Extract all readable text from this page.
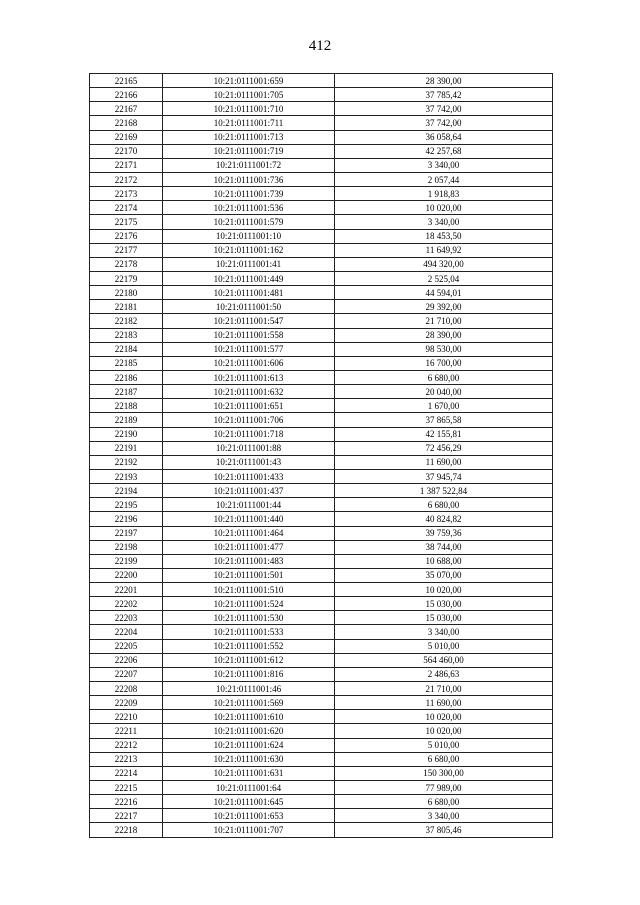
412
22165	10:21:0111001:659	28 390,00
22166	10:21:0111001:705	37 785,42
22167	10:21:0111001:710	37 742,00
22168	10:21:0111001:711	37 742,00
22169	10:21:0111001:713	36 058,64
22170	10:21:0111001:719	42 257,68
22171	10:21:0111001:72	3 340,00
22172	10:21:0111001:736	2 057,44
22173	10:21:0111001:739	1 918,83
22174	10:21:0111001:536	10 020,00
22175	10:21:0111001:579	3 340,00
22176	10:21:0111001:10	18 453,50
22177	10:21:0111001:162	11 649,92
22178	10:21:0111001:41	494 320,00
22179	10:21:0111001:449	2 525,04
22180	10:21:0111001:481	44 594,01
22181	10:21:0111001:50	29 392,00
22182	10:21:0111001:547	21 710,00
22183	10:21:0111001:558	28 390,00
22184	10:21:0111001:577	98 530,00
22185	10:21:0111001:606	16 700,00
22186	10:21:0111001:613	6 680,00
22187	10:21:0111001:632	20 040,00
22188	10:21:0111001:651	1 670,00
22189	10:21:0111001:706	37 865,58
22190	10:21:0111001:718	42 155,81
22191	10:21:0111001:88	72 456,29
22192	10:21:0111001:43	11 690,00
22193	10:21:0111001:433	37 945,74
22194	10:21:0111001:437	1 387 522,84
22195	10:21:0111001:44	6 680,00
22196	10:21:0111001:440	40 824,82
22197	10:21:0111001:464	39 759,36
22198	10:21:0111001:477	38 744,00
22199	10:21:0111001:483	10 688,00
22200	10:21:0111001:501	35 070,00
22201	10:21:0111001:510	10 020,00
22202	10:21:0111001:524	15 030,00
22203	10:21:0111001:530	15 030,00
22204	10:21:0111001:533	3 340,00
22205	10:21:0111001:552	5 010,00
22206	10:21:0111001:612	564 460,00
22207	10:21:0111001:816	2 486,63
22208	10:21:0111001:46	21 710,00
22209	10:21:0111001:569	11 690,00
22210	10:21:0111001:610	10 020,00
22211	10:21:0111001:620	10 020,00
22212	10:21:0111001:624	5 010,00
22213	10:21:0111001:630	6 680,00
22214	10:21:0111001:631	150 300,00
22215	10:21:0111001:64	77 989,00
22216	10:21:0111001:645	6 680,00
22217	10:21:0111001:653	3 340,00
22218	10:21:0111001:707	37 805,46
